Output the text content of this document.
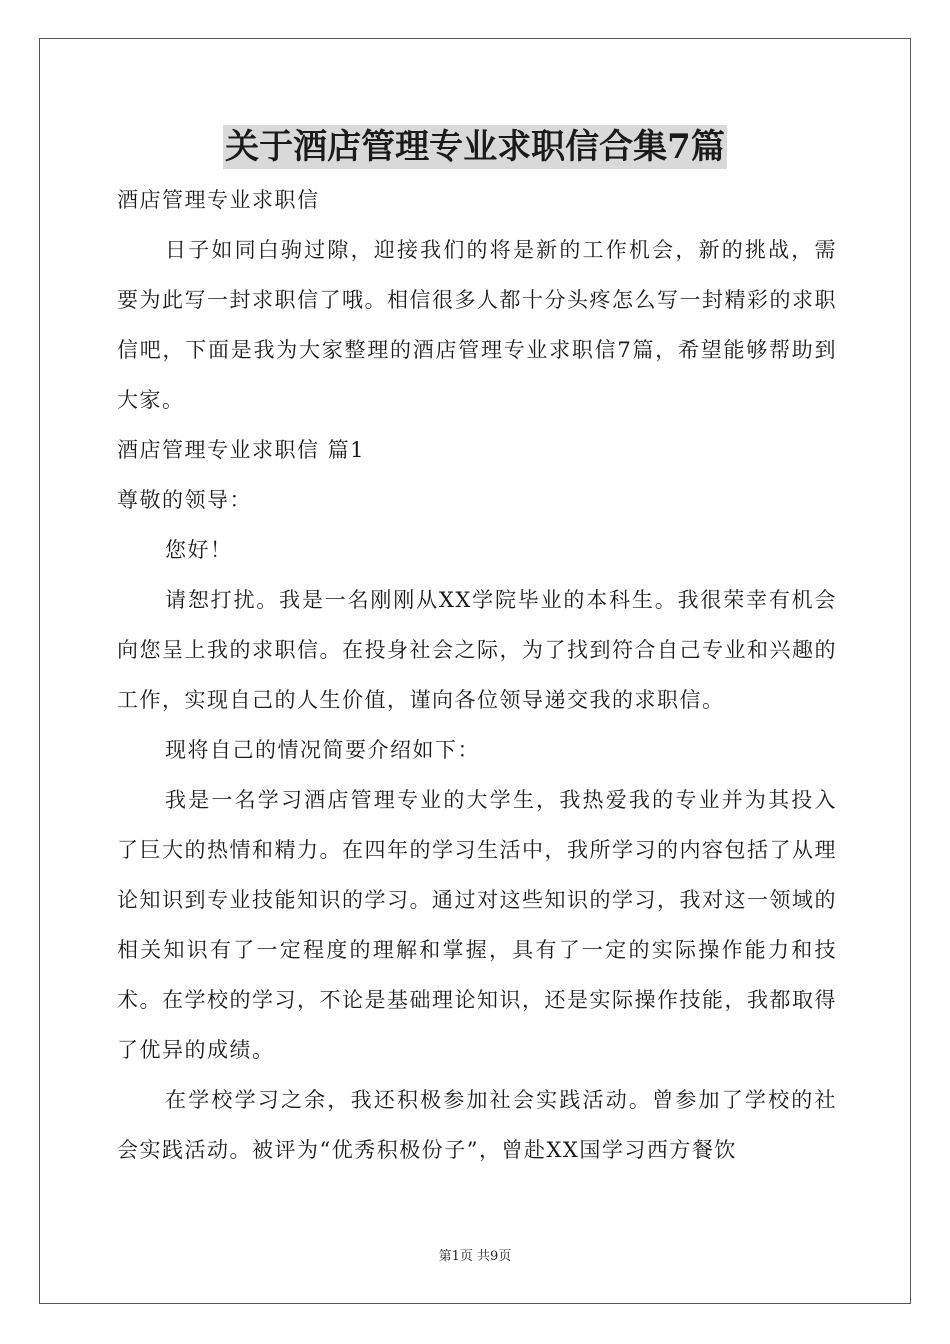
关于酒店管理专业求职信合集7篇

酒店管理专业求职信

日子如同白驹过隙，迎接我们的将是新的工作机会，新的挑战，需要为此写一封求职信了哦。相信很多人都十分头疼怎么写一封精彩的求职信吧，下面是我为大家整理的酒店管理专业求职信7篇，希望能够帮助到大家。

酒店管理专业求职信 篇1

尊敬的领导：

您好！

请恕打扰。我是一名刚刚从XX学院毕业的本科生。我很荣幸有机会向您呈上我的求职信。在投身社会之际，为了找到符合自己专业和兴趣的工作，实现自己的人生价值，谨向各位领导递交我的求职信。

现将自己的情况简要介绍如下：

我是一名学习酒店管理专业的大学生，我热爱我的专业并为其投入了巨大的热情和精力。在四年的学习生活中，我所学习的内容包括了从理论知识到专业技能知识的学习。通过对这些知识的学习，我对这一领域的相关知识有了一定程度的理解和掌握，具有了一定的实际操作能力和技术。在学校的学习，不论是基础理论知识，还是实际操作技能，我都取得了优异的成绩。

在学校学习之余，我还积极参加社会实践活动。曾参加了学校的社会实践活动。被评为“优秀积极份子”，曾赴XX国学习西方餐饮

第1页 共9页
